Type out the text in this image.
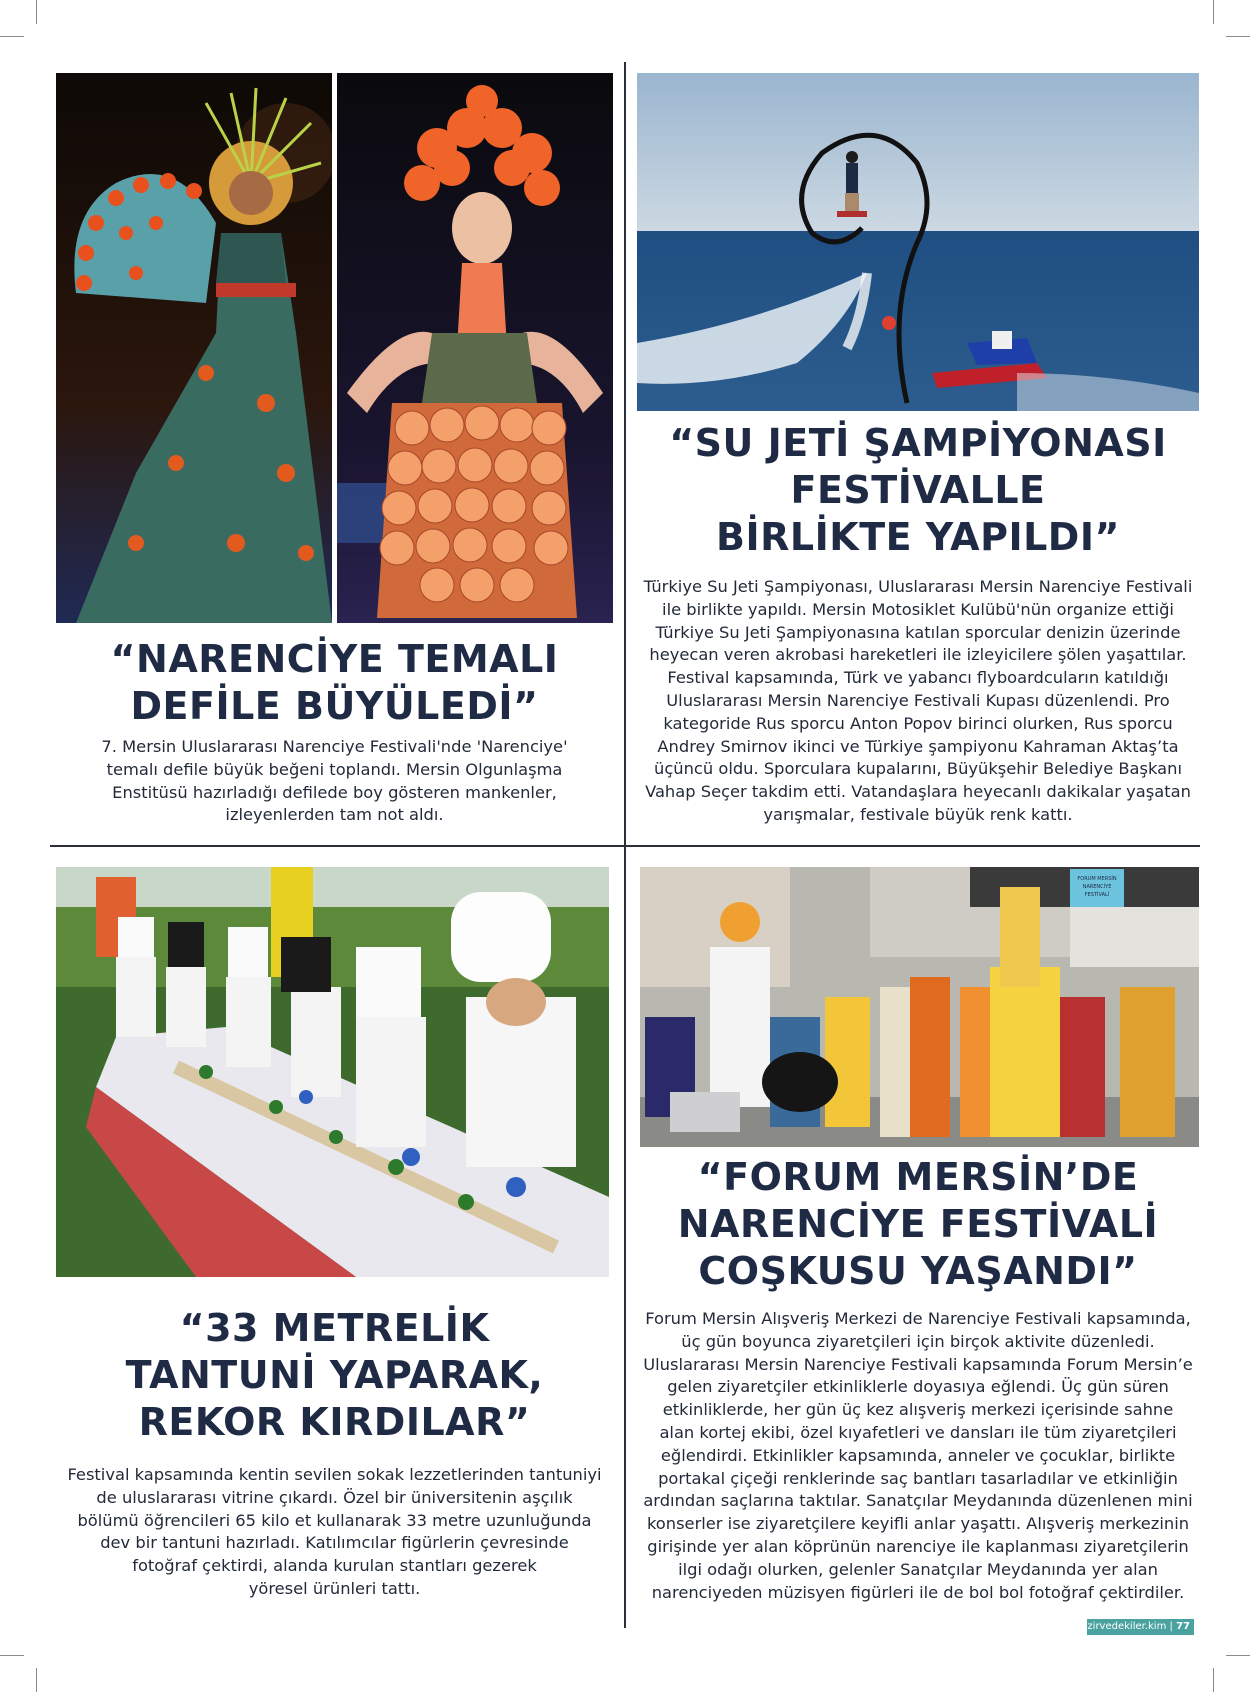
FORUM MERSİN
NARENCİYE
FESTİVALİ
“NARENCİYE TEMALI
DEFİLE BÜYÜLEDİ”
7. Mersin Uluslararası Narenciye Festivali'nde 'Narenciye'
temalı defile büyük beğeni toplandı. Mersin Olgunlaşma
Enstitüsü hazırladığı defilede boy gösteren mankenler,
izleyenlerden tam not aldı.
“SU JETİ ŞAMPİYONASI
FESTİVALLE
BİRLİKTE YAPILDI”
Türkiye Su Jeti Şampiyonası, Uluslararası Mersin Narenciye Festivali
ile birlikte yapıldı. Mersin Motosiklet Kulübü'nün organize ettiği
Türkiye Su Jeti Şampiyonasına katılan sporcular denizin üzerinde
heyecan veren akrobasi hareketleri ile izleyicilere şölen yaşattılar.
Festival kapsamında, Türk ve yabancı flyboardcuların katıldığı
Uluslararası Mersin Narenciye Festivali Kupası düzenlendi. Pro
kategoride Rus sporcu Anton Popov birinci olurken, Rus sporcu
Andrey Smirnov ikinci ve Türkiye şampiyonu Kahraman Aktaş’ta
üçüncü oldu. Sporculara kupalarını, Büyükşehir Belediye Başkanı
Vahap Seçer takdim etti. Vatandaşlara heyecanlı dakikalar yaşatan
yarışmalar, festivale büyük renk kattı.
“33 METRELİK
TANTUNİ YAPARAK,
REKOR KIRDILAR”
Festival kapsamında kentin sevilen sokak lezzetlerinden tantuniyi
de uluslararası vitrine çıkardı. Özel bir üniversitenin aşçılık
bölümü öğrencileri 65 kilo et kullanarak 33 metre uzunluğunda
dev bir tantuni hazırladı. Katılımcılar figürlerin çevresinde
fotoğraf çektirdi, alanda kurulan stantları gezerek
yöresel ürünleri tattı.
“FORUM MERSİN’DE
NARENCİYE FESTİVALİ
COŞKUSU YAŞANDI”
Forum Mersin Alışveriş Merkezi de Narenciye Festivali kapsamında,
üç gün boyunca ziyaretçileri için birçok aktivite düzenledi.
Uluslararası Mersin Narenciye Festivali kapsamında Forum Mersin’e
gelen ziyaretçiler etkinliklerle doyasıya eğlendi. Üç gün süren
etkinliklerde, her gün üç kez alışveriş merkezi içerisinde sahne
alan kortej ekibi, özel kıyafetleri ve dansları ile tüm ziyaretçileri
eğlendirdi. Etkinlikler kapsamında, anneler ve çocuklar, birlikte
portakal çiçeği renklerinde saç bantları tasarladılar ve etkinliğin
ardından saçlarına taktılar. Sanatçılar Meydanında düzenlenen mini
konserler ise ziyaretçilere keyifli anlar yaşattı. Alışveriş merkezinin
girişinde yer alan köprünün narenciye ile kaplanması ziyaretçilerin
ilgi odağı olurken, gelenler Sanatçılar Meydanında yer alan
narenciyeden müzisyen figürleri ile de bol bol fotoğraf çektirdiler.
zirvedekiler.kim | 77
